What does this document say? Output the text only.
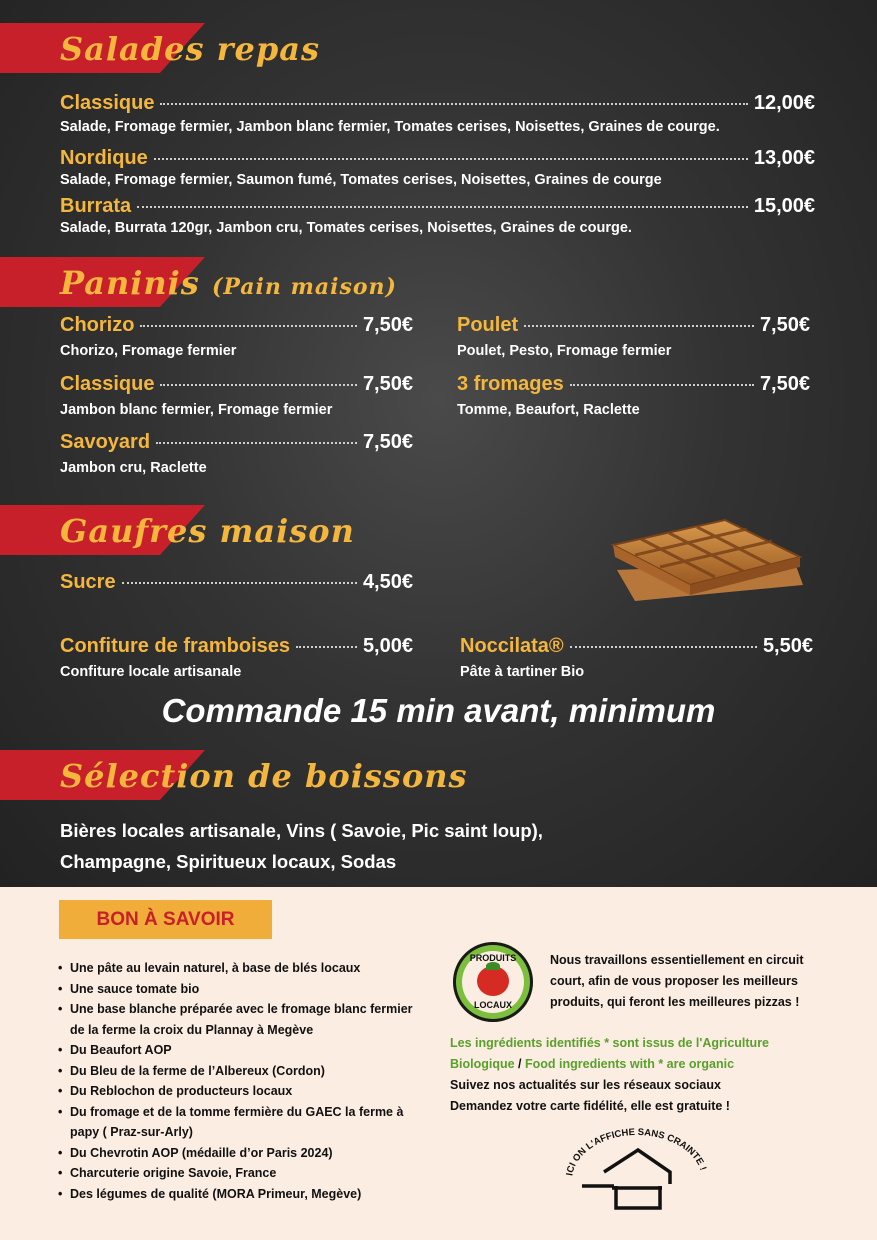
Salades repas
Classique	12,00€
Salade, Fromage fermier, Jambon blanc fermier, Tomates cerises, Noisettes, Graines de courge.
Nordique	13,00€
Salade, Fromage fermier, Saumon fumé, Tomates cerises, Noisettes, Graines de courge
Burrata	15,00€
Salade, Burrata 120gr, Jambon cru, Tomates cerises, Noisettes, Graines de courge.
Paninis (Pain maison)
Chorizo	7,50€
Chorizo, Fromage fermier
Classique	7,50€
Jambon blanc fermier, Fromage fermier
Savoyard	7,50€
Jambon cru, Raclette
Poulet	7,50€
Poulet, Pesto, Fromage fermier
3 fromages	7,50€
Tomme, Beaufort, Raclette
Gaufres maison
Sucre	4,50€
Confiture de framboises	5,00€
Confiture locale artisanale
Noccilata®	5,50€
Pâte à tartiner Bio
Commande 15 min avant, minimum
Sélection de boissons
Bières locales artisanale, Vins ( Savoie, Pic saint loup),
Champagne, Spiritueux locaux, Sodas
BON À SAVOIR
• Une pâte au levain naturel, à base de blés locaux
• Une sauce tomate bio
• Une base blanche préparée avec le fromage blanc fermier de la ferme la croix du Plannay à Megève
• Du Beaufort AOP
• Du Bleu de la ferme de l’Albereux (Cordon)
• Du Reblochon de producteurs locaux
• Du fromage et de la tomme fermière du GAEC la ferme à papy ( Praz-sur-Arly)
• Du Chevrotin AOP (médaille d’or Paris 2024)
• Charcuterie origine Savoie, France
• Des légumes de qualité (MORA Primeur, Megève)
PRODUITS
LOCAUX
Nous travaillons essentiellement en circuit court, afin de vous proposer les meilleurs produits, qui feront les meilleures pizzas !
Les ingrédients identifiés * sont issus de l'Agriculture Biologique / Food ingredients with * are organic
Suivez nos actualités sur les réseaux sociaux
Demandez votre carte fidélité, elle est gratuite !
ICI ON L'AFFICHE SANS CRAINTE !
